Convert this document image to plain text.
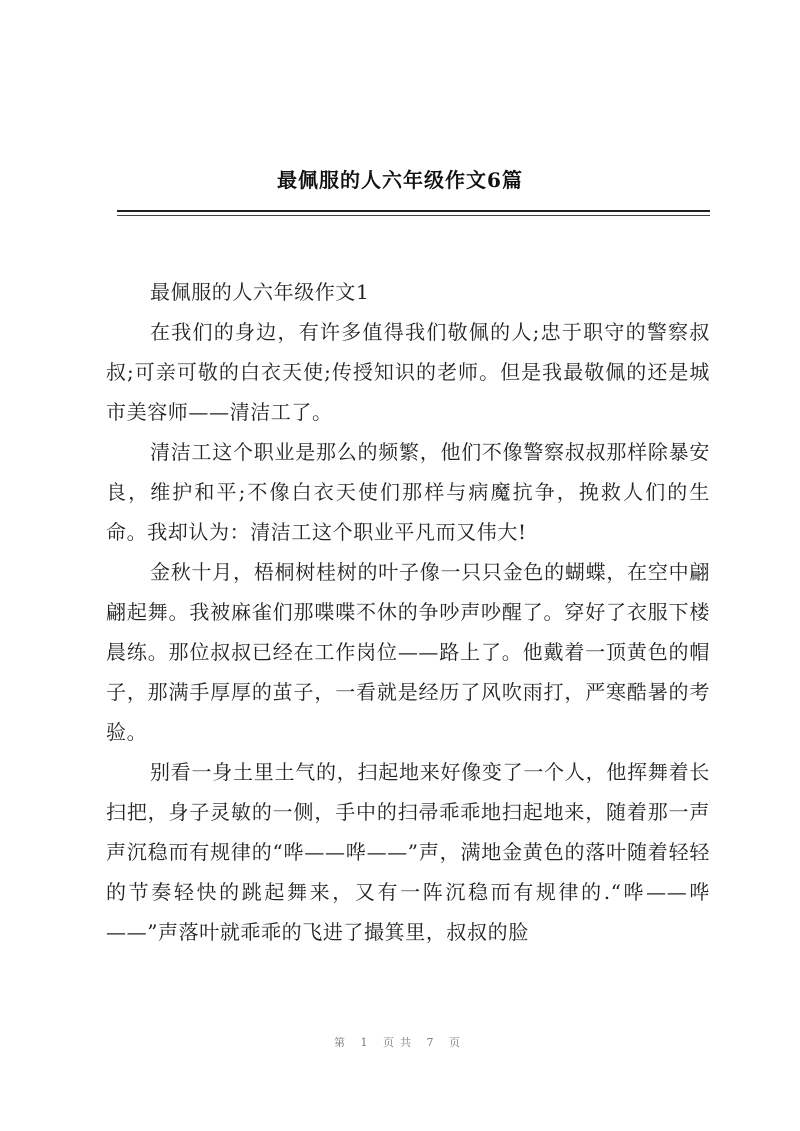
最佩服的人六年级作文6篇

最佩服的人六年级作文1

在我们的身边，有许多值得我们敬佩的人;忠于职守的警察叔叔;可亲可敬的白衣天使;传授知识的老师。但是我最敬佩的还是城市美容师——清洁工了。

清洁工这个职业是那么的频繁，他们不像警察叔叔那样除暴安良，维护和平;不像白衣天使们那样与病魔抗争，挽救人们的生命。我却认为：清洁工这个职业平凡而又伟大!

金秋十月，梧桐树桂树的叶子像一只只金色的蝴蝶，在空中翩翩起舞。我被麻雀们那喋喋不休的争吵声吵醒了。穿好了衣服下楼晨练。那位叔叔已经在工作岗位——路上了。他戴着一顶黄色的帽子，那满手厚厚的茧子，一看就是经历了风吹雨打，严寒酷暑的考验。

别看一身土里土气的，扫起地来好像变了一个人，他挥舞着长扫把，身子灵敏的一侧，手中的扫帚乖乖地扫起地来，随着那一声声沉稳而有规律的“哗——哗——”声，满地金黄色的落叶随着轻轻的节奏轻快的跳起舞来，又有一阵沉稳而有规律的.“哗——哗——”声落叶就乖乖的飞进了撮箕里，叔叔的脸

第 1 页共 7 页
